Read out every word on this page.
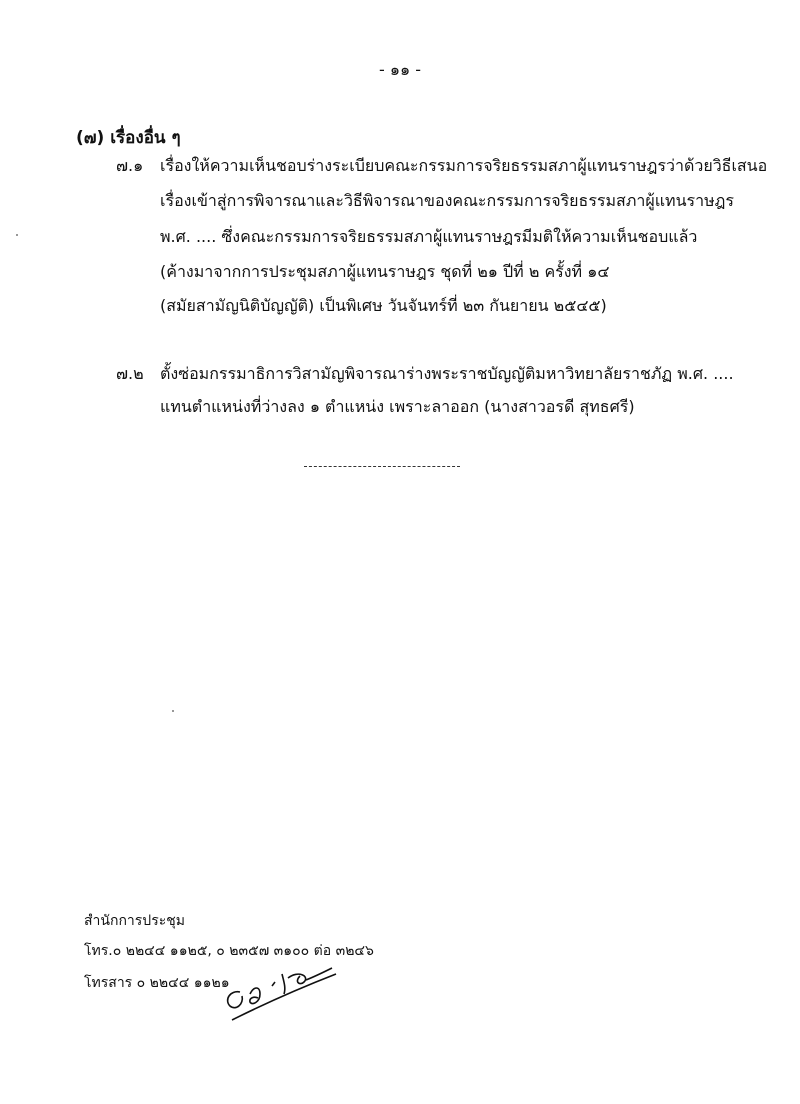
- ๑๑ -
(๗) เรื่องอื่น ๆ
๗.๑ เรื่องให้ความเห็นชอบร่างระเบียบคณะกรรมการจริยธรรมสภาผู้แทนราษฎรว่าด้วยวิธีเสนอ
เรื่องเข้าสู่การพิจารณาและวิธีพิจารณาของคณะกรรมการจริยธรรมสภาผู้แทนราษฎร
พ.ศ. .... ซึ่งคณะกรรมการจริยธรรมสภาผู้แทนราษฎรมีมติให้ความเห็นชอบแล้ว
(ค้างมาจากการประชุมสภาผู้แทนราษฎร ชุดที่ ๒๑ ปีที่ ๒ ครั้งที่ ๑๔
(สมัยสามัญนิติบัญญัติ) เป็นพิเศษ วันจันทร์ที่ ๒๓ กันยายน ๒๕๔๕)
๗.๒ ตั้งซ่อมกรรมาธิการวิสามัญพิจารณาร่างพระราชบัญญัติมหาวิทยาลัยราชภัฏ พ.ศ. ....
แทนตำแหน่งที่ว่างลง ๑ ตำแหน่ง เพราะลาออก (นางสาวอรดี สุทธศรี)
สำนักการประชุม
โทร.๐ ๒๒๔๔ ๑๑๒๕, ๐ ๒๓๕๗ ๓๑๐๐ ต่อ ๓๒๔๖
โทรสาร ๐ ๒๒๔๔ ๑๑๒๑
